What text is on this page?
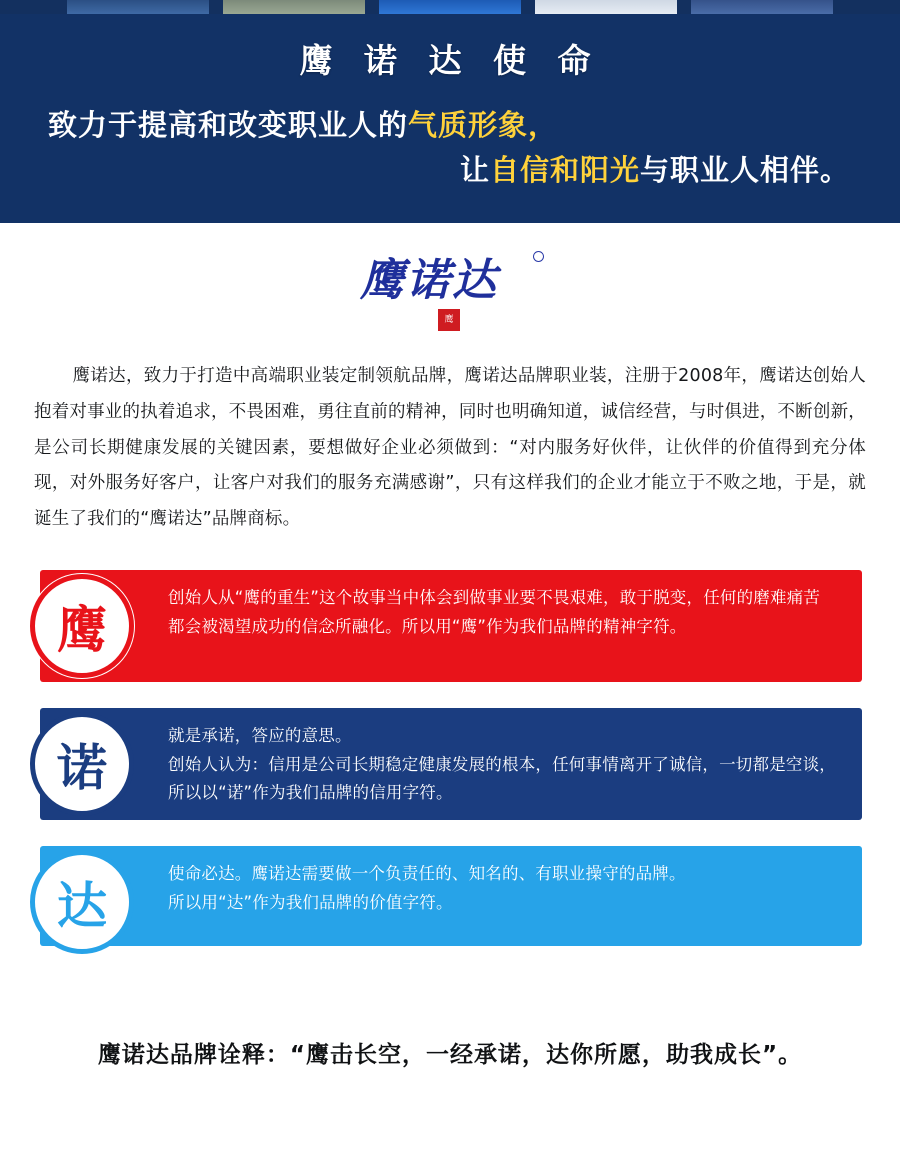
鹰 诺 达 使 命
致力于提高和改变职业人的气质形象，
让自信和阳光与职业人相伴。
鹰诺达
鹰

鹰诺达，致力于打造中高端职业装定制领航品牌，鹰诺达品牌职业装，注册于2008年，鹰诺达创始人抱着对事业的执着追求，不畏困难，勇往直前的精神，同时也明确知道，诚信经营，与时俱进，不断创新，是公司长期健康发展的关键因素，要想做好企业必须做到：“对内服务好伙伴，让伙伴的价值得到充分体现，对外服务好客户，让客户对我们的服务充满感谢”，只有这样我们的企业才能立于不败之地，于是，就诞生了我们的“鹰诺达”品牌商标。

创始人从“鹰的重生”这个故事当中体会到做事业要不畏艰难，敢于脱变，任何的磨难痛苦都会被渴望成功的信念所融化。所以用“鹰”作为我们品牌的精神字符。

鹰

就是承诺，答应的意思。

创始人认为：信用是公司长期稳定健康发展的根本，任何事情离开了诚信，一切都是空谈，所以以“诺”作为我们品牌的信用字符。

诺

使命必达。鹰诺达需要做一个负责任的、知名的、有职业操守的品牌。

所以用“达”作为我们品牌的价值字符。

达
鹰诺达品牌诠释：“鹰击长空，一经承诺，达你所愿，助我成长”。
